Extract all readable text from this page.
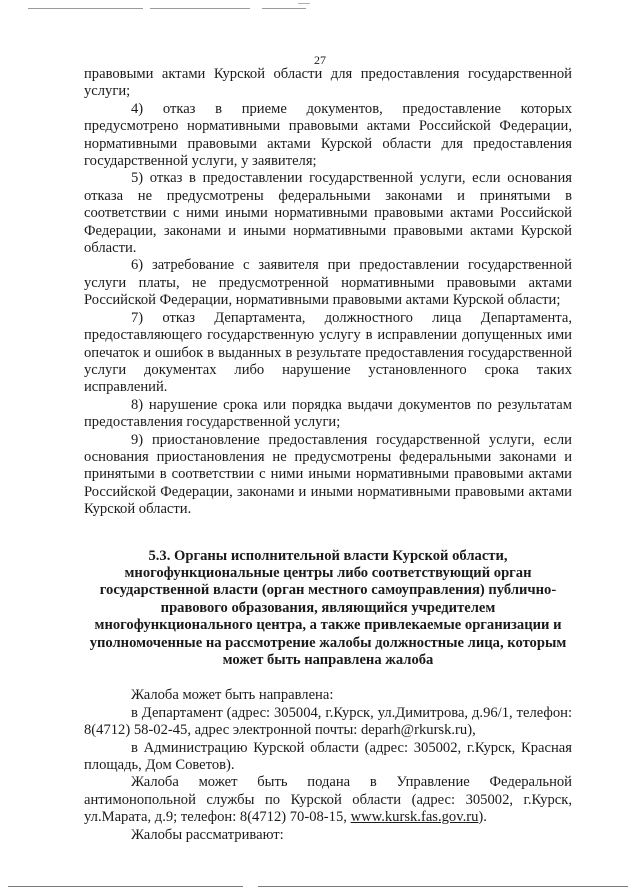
27

правовыми актами Курской области для предоставления государственной услуги;

4) отказ в приеме документов, предоставление которых предусмотрено нормативными правовыми актами Российской Федерации, нормативными правовыми актами Курской области для предоставления государственной услуги, у заявителя;

5) отказ в предоставлении государственной услуги, если основания отказа не предусмотрены федеральными законами и принятыми в соответствии с ними иными нормативными правовыми актами Российской Федерации, законами и иными нормативными правовыми актами Курской области.

6) затребование с заявителя при предоставлении государственной услуги платы, не предусмотренной нормативными правовыми актами Российской Федерации, нормативными правовыми актами Курской области;

7) отказ Департамента, должностного лица Департамента, предоставляющего государственную услугу в исправлении допущенных ими опечаток и ошибок в выданных в результате предоставления государственной услуги документах либо нарушение установленного срока таких исправлений.

8) нарушение срока или порядка выдачи документов по результатам предоставления государственной услуги;

9) приостановление предоставления государственной услуги, если основания приостановления не предусмотрены федеральными законами и принятыми в соответствии с ними иными нормативными правовыми актами Российской Федерации, законами и иными нормативными правовыми актами Курской области.

5.3. Органы исполнительной власти Курской области, многофункциональные центры либо соответствующий орган государственной власти (орган местного самоуправления) публично-правового образования, являющийся учредителем многофункционального центра, а также привлекаемые организации и уполномоченные на рассмотрение жалобы должностные лица, которым может быть направлена жалоба

Жалоба может быть направлена:

в Департамент (адрес: 305004, г.Курск, ул.Димитрова, д.96/1, телефон: 8(4712) 58-02-45, адрес электронной почты: deparh@rkursk.ru),

в Администрацию Курской области (адрес: 305002, г.Курск, Красная площадь, Дом Советов).

Жалоба может быть подана в Управление Федеральной антимонопольной службы по Курской области (адрес: 305002, г.Курск, ул.Марата, д.9; телефон: 8(4712) 70-08-15, www.kursk.fas.gov.ru).

Жалобы рассматривают:
